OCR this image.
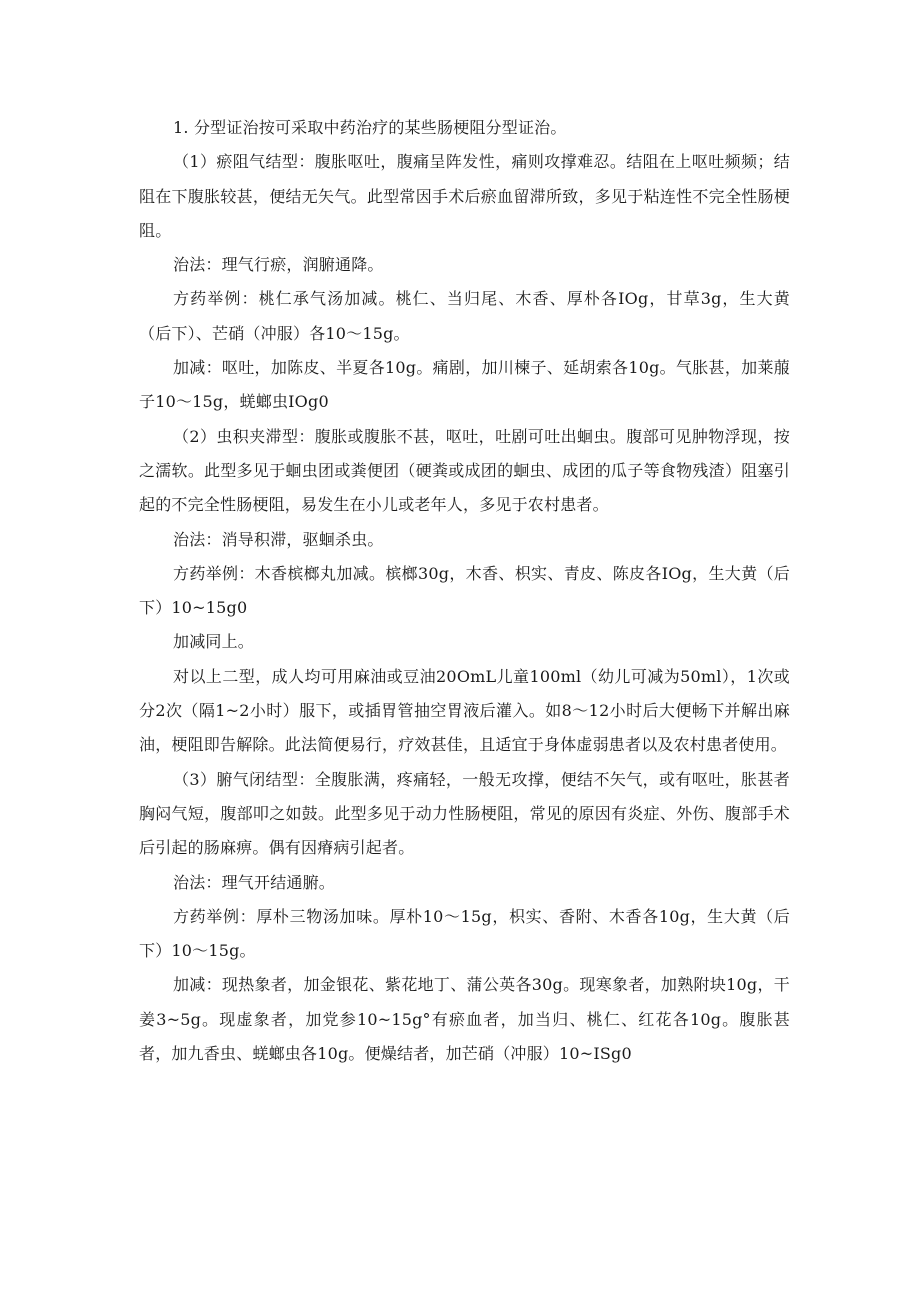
1. 分型证治按可采取中药治疗的某些肠梗阻分型证治。

（1）瘀阻气结型：腹胀呕吐，腹痛呈阵发性，痛则攻撑难忍。结阻在上呕吐频频；结阻在下腹胀较甚，便结无矢气。此型常因手术后瘀血留滞所致，多见于粘连性不完全性肠梗阻。

治法：理气行瘀，润腑通降。

方药举例：桃仁承气汤加减。桃仁、当归尾、木香、厚朴各IOg，甘草3g，生大黄（后下）、芒硝（冲服）各10～15g。

加减：呕吐，加陈皮、半夏各10g。痛剧，加川楝子、延胡索各10g。气胀甚，加莱菔子10～15g，蜣螂虫IOg0

（2）虫积夹滞型：腹胀或腹胀不甚，呕吐，吐剧可吐出蛔虫。腹部可见肿物浮现，按之濡软。此型多见于蛔虫团或粪便团（硬粪或成团的蛔虫、成团的瓜子等食物残渣）阻塞引起的不完全性肠梗阻，易发生在小儿或老年人，多见于农村患者。

治法：消导积滞，驱蛔杀虫。

方药举例：木香槟榔丸加减。槟榔30g，木香、枳实、青皮、陈皮各IOg，生大黄（后下）10~15g0

加减同上。

对以上二型，成人均可用麻油或豆油20OmL儿童100ml（幼儿可减为50ml），1次或分2次（隔1~2小时）服下，或插胃管抽空胃液后灌入。如8～12小时后大便畅下并解出麻油，梗阻即告解除。此法简便易行，疗效甚佳，且适宜于身体虚弱患者以及农村患者使用。

（3）腑气闭结型：全腹胀满，疼痛轻，一般无攻撑，便结不矢气，或有呕吐，胀甚者胸闷气短，腹部叩之如鼓。此型多见于动力性肠梗阻，常见的原因有炎症、外伤、腹部手术后引起的肠麻痹。偶有因瘠病引起者。

治法：理气开结通腑。

方药举例：厚朴三物汤加味。厚朴10～15g，枳实、香附、木香各10g，生大黄（后下）10～15g。

加减：现热象者，加金银花、紫花地丁、蒲公英各30g。现寒象者，加熟附块10g，干姜3~5g。现虚象者，加党参10~15g°有瘀血者，加当归、桃仁、红花各10g。腹胀甚者，加九香虫、蜣螂虫各10g。便燥结者，加芒硝（冲服）10~ISg0
